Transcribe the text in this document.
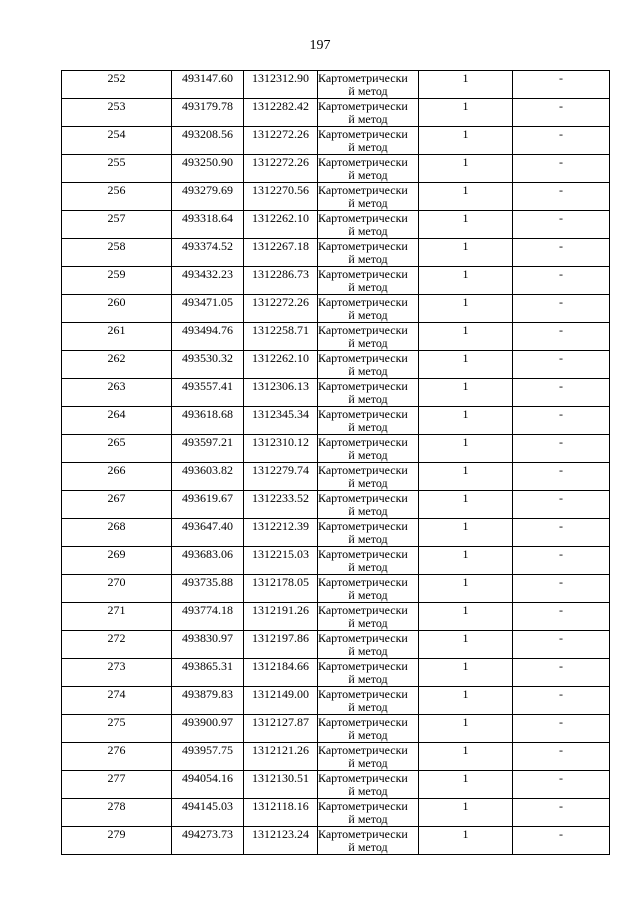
197
252	493147.60	1312312.90	Картометрически
й метод	1	-
253	493179.78	1312282.42	Картометрически
й метод	1	-
254	493208.56	1312272.26	Картометрически
й метод	1	-
255	493250.90	1312272.26	Картометрически
й метод	1	-
256	493279.69	1312270.56	Картометрически
й метод	1	-
257	493318.64	1312262.10	Картометрически
й метод	1	-
258	493374.52	1312267.18	Картометрически
й метод	1	-
259	493432.23	1312286.73	Картометрически
й метод	1	-
260	493471.05	1312272.26	Картометрически
й метод	1	-
261	493494.76	1312258.71	Картометрически
й метод	1	-
262	493530.32	1312262.10	Картометрически
й метод	1	-
263	493557.41	1312306.13	Картометрически
й метод	1	-
264	493618.68	1312345.34	Картометрически
й метод	1	-
265	493597.21	1312310.12	Картометрически
й метод	1	-
266	493603.82	1312279.74	Картометрически
й метод	1	-
267	493619.67	1312233.52	Картометрически
й метод	1	-
268	493647.40	1312212.39	Картометрически
й метод	1	-
269	493683.06	1312215.03	Картометрически
й метод	1	-
270	493735.88	1312178.05	Картометрически
й метод	1	-
271	493774.18	1312191.26	Картометрически
й метод	1	-
272	493830.97	1312197.86	Картометрически
й метод	1	-
273	493865.31	1312184.66	Картометрически
й метод	1	-
274	493879.83	1312149.00	Картометрически
й метод	1	-
275	493900.97	1312127.87	Картометрически
й метод	1	-
276	493957.75	1312121.26	Картометрически
й метод	1	-
277	494054.16	1312130.51	Картометрически
й метод	1	-
278	494145.03	1312118.16	Картометрически
й метод	1	-
279	494273.73	1312123.24	Картометрически
й метод	1	-
